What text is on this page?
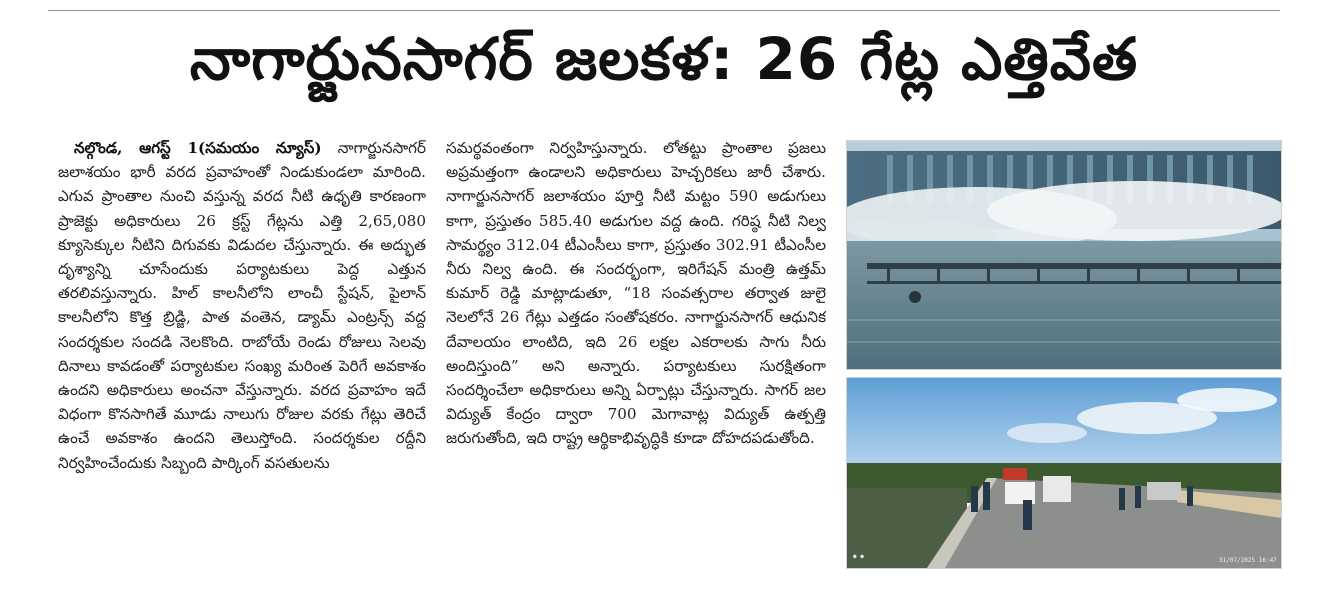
నాగార్జునసాగర్ జలకళ: 26 గేట్ల ఎత్తివేత
నల్గొండ, ఆగస్ట్ 1(సమయం న్యూస్) నాగార్జునసాగర్ జలాశయం భారీ వరద ప్రవాహంతో నిండుకుండలా మారింది. ఎగువ ప్రాంతాల నుంచి వస్తున్న వరద నీటి ఉధృతి కారణంగా ప్రాజెక్టు అధికారులు 26 క్రస్ట్ గేట్లను ఎత్తి 2,65,080 క్యూసెక్కుల నీటిని దిగువకు విడుదల చేస్తున్నారు. ఈ అద్భుత దృశ్యాన్ని చూసేందుకు పర్యాటకులు పెద్ద ఎత్తున తరలివస్తున్నారు. హిల్ కాలనీలోని లాంచీ స్టేషన్, పైలాన్ కాలనీలోని కొత్త బ్రిడ్జి, పాత వంతెన, డ్యామ్ ఎంట్రన్స్ వద్ద సందర్శకుల సందడి నెలకొంది. రాబోయే రెండు రోజులు సెలవు దినాలు కావడంతో పర్యాటకుల సంఖ్య మరింత పెరిగే అవకాశం ఉందని అధికారులు అంచనా వేస్తున్నారు. వరద ప్రవాహం ఇదే విధంగా కొనసాగితే మూడు నాలుగు రోజుల వరకు గేట్లు తెరిచే ఉంచే అవకాశం ఉందని తెలుస్తోంది. సందర్శకుల రద్దీని నిర్వహించేందుకు సిబ్బంది పార్కింగ్ వసతులను
సమర్థవంతంగా నిర్వహిస్తున్నారు. లోతట్టు ప్రాంతాల ప్రజలు అప్రమత్తంగా ఉండాలని అధికారులు హెచ్చరికలు జారీ చేశారు. నాగార్జునసాగర్ జలాశయం పూర్తి నీటి మట్టం 590 అడుగులు కాగా, ప్రస్తుతం 585.40 అడుగుల వద్ద ఉంది. గరిష్ఠ నీటి నిల్వ సామర్థ్యం 312.04 టీఎంసీలు కాగా, ప్రస్తుతం 302.91 టీఎంసీల నీరు నిల్వ ఉంది. ఈ సందర్భంగా, ఇరిగేషన్ మంత్రి ఉత్తమ్ కుమార్ రెడ్డి మాట్లాడుతూ, “18 సంవత్సరాల తర్వాత జులై నెలలోనే 26 గేట్లు ఎత్తడం సంతోషకరం. నాగార్జునసాగర్ ఆధునిక దేవాలయం లాంటిది, ఇది 26 లక్షల ఎకరాలకు సాగు నీరు అందిస్తుంది” అని అన్నారు. పర్యాటకులు సురక్షితంగా సందర్శించేలా అధికారులు అన్ని ఏర్పాట్లు చేస్తున్నారు. సాగర్ జల విద్యుత్ కేంద్రం ద్వారా 700 మెగావాట్ల విద్యుత్ ఉత్పత్తి జరుగుతోంది, ఇది రాష్ట్ర ఆర్థికాభివృద్ధికి కూడా దోహదపడుతోంది.
● ●
31/07/2025 16:47
